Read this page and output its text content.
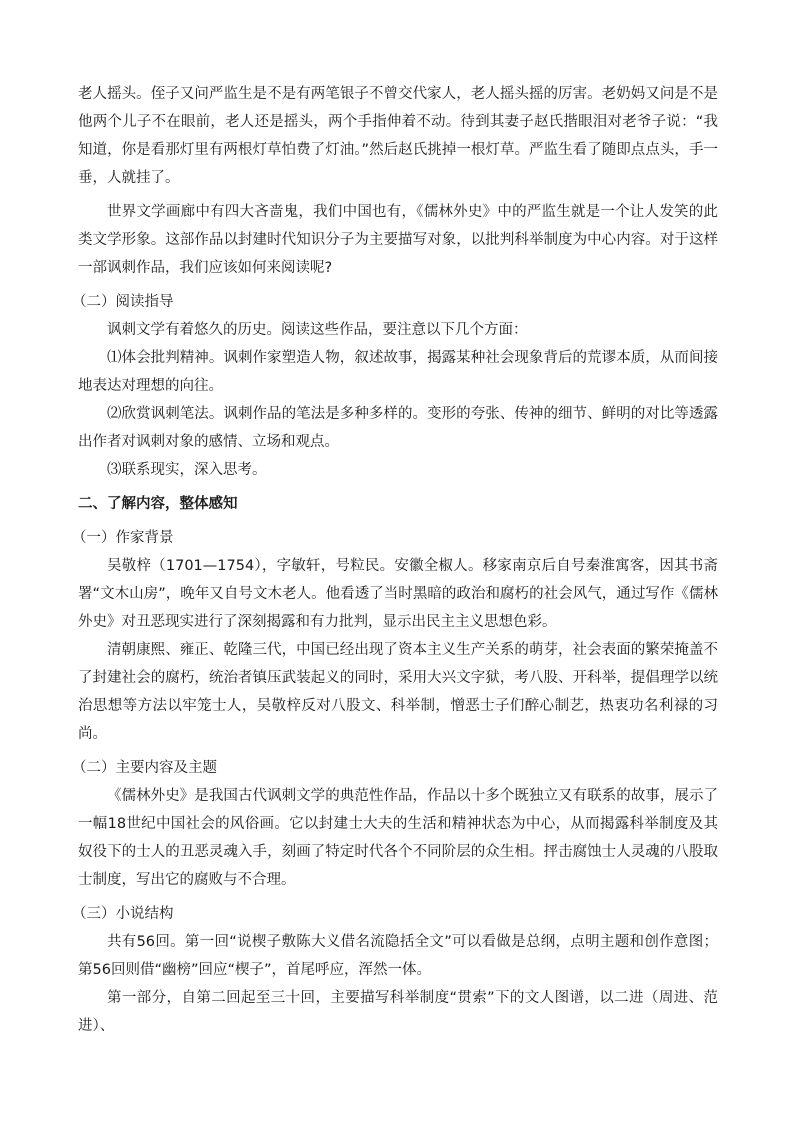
老人摇头。侄子又问严监生是不是有两笔银子不曾交代家人，老人摇头摇的厉害。老奶妈又问是不是他两个儿子不在眼前，老人还是摇头，两个手指伸着不动。待到其妻子赵氏揩眼泪对老爷子说：“我知道，你是看那灯里有两根灯草怕费了灯油。”然后赵氏挑掉一根灯草。严监生看了随即点点头，手一垂，人就挂了。

世界文学画廊中有四大吝啬鬼，我们中国也有，《儒林外史》中的严监生就是一个让人发笑的此类文学形象。这部作品以封建时代知识分子为主要描写对象，以批判科举制度为中心内容。对于这样一部讽刺作品，我们应该如何来阅读呢?

（二）阅读指导

讽刺文学有着悠久的历史。阅读这些作品，要注意以下几个方面：

⑴体会批判精神。讽刺作家塑造人物，叙述故事，揭露某种社会现象背后的荒谬本质，从而间接地表达对理想的向往。

⑵欣赏讽刺笔法。讽刺作品的笔法是多种多样的。变形的夸张、传神的细节、鲜明的对比等透露出作者对讽刺对象的感情、立场和观点。

⑶联系现实，深入思考。

二、了解内容，整体感知

（一）作家背景

吴敬梓（1701—1754），字敏轩，号粒民。安徽全椒人。移家南京后自号秦淮寓客，因其书斋署“文木山房”，晚年又自号文木老人。他看透了当时黑暗的政治和腐朽的社会风气，通过写作《儒林外史》对丑恶现实进行了深刻揭露和有力批判，显示出民主主义思想色彩。

清朝康熙、雍正、乾隆三代，中国已经出现了资本主义生产关系的萌芽，社会表面的繁荣掩盖不了封建社会的腐朽，统治者镇压武装起义的同时，采用大兴文字狱，考八股、开科举，提倡理学以统治思想等方法以牢笼士人，吴敬梓反对八股文、科举制，憎恶士子们醉心制艺，热衷功名利禄的习尚。

（二）主要内容及主题

《儒林外史》是我国古代讽刺文学的典范性作品，作品以十多个既独立又有联系的故事，展示了一幅18世纪中国社会的风俗画。它以封建士大夫的生活和精神状态为中心，从而揭露科举制度及其奴役下的士人的丑恶灵魂入手，刻画了特定时代各个不同阶层的众生相。抨击腐蚀士人灵魂的八股取士制度，写出它的腐败与不合理。

（三）小说结构

共有56回。第一回“说楔子敷陈大义借名流隐括全文”可以看做是总纲，点明主题和创作意图；第56回则借“幽榜”回应“楔子”，首尾呼应，浑然一体。

第一部分，自第二回起至三十回，主要描写科举制度“贯索”下的文人图谱，以二进（周进、范进）、
